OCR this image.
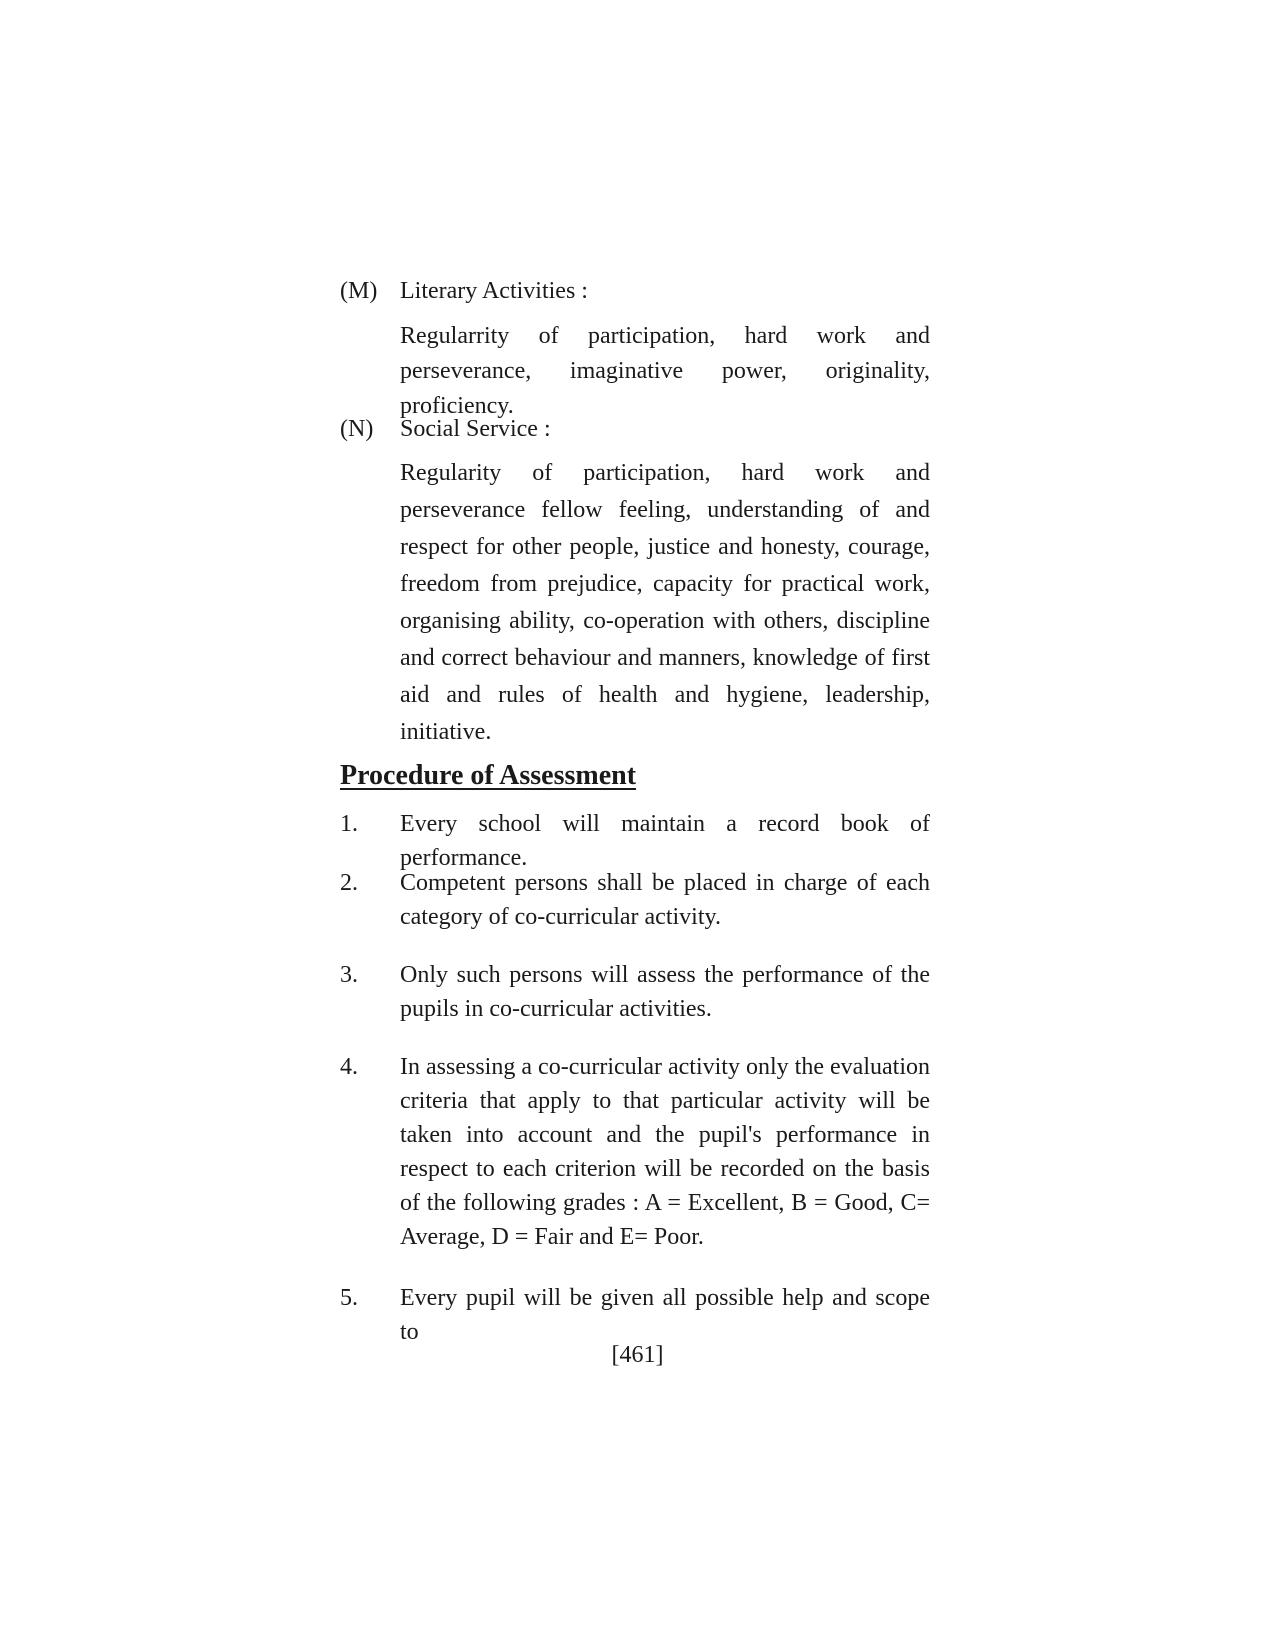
(M) Literary Activities :
Regularrity of participation, hard work and perseverance, imaginative power, originality, proficiency.
(N) Social Service :
Regularity of participation, hard work and perseverance fellow feeling, understanding of and respect for other people, justice and honesty, courage, freedom from prejudice, capacity for practical work, organising ability, co-operation with others, discipline and correct behaviour and manners, knowledge of first aid and rules of health and hygiene, leadership, initiative.
Procedure of Assessment
1. Every school will maintain a record book of performance.
2. Competent persons shall be placed in charge of each category of co-curricular activity.
3. Only such persons will assess the performance of the pupils in co-curricular activities.
4. In assessing a co-curricular activity only the evaluation criteria that apply to that particular activity will be taken into account and the pupil's performance in respect to each criterion will be recorded on the basis of the following grades : A = Excellent, B = Good, C= Average, D = Fair and E= Poor.
5. Every pupil will be given all possible help and scope to
[461]
